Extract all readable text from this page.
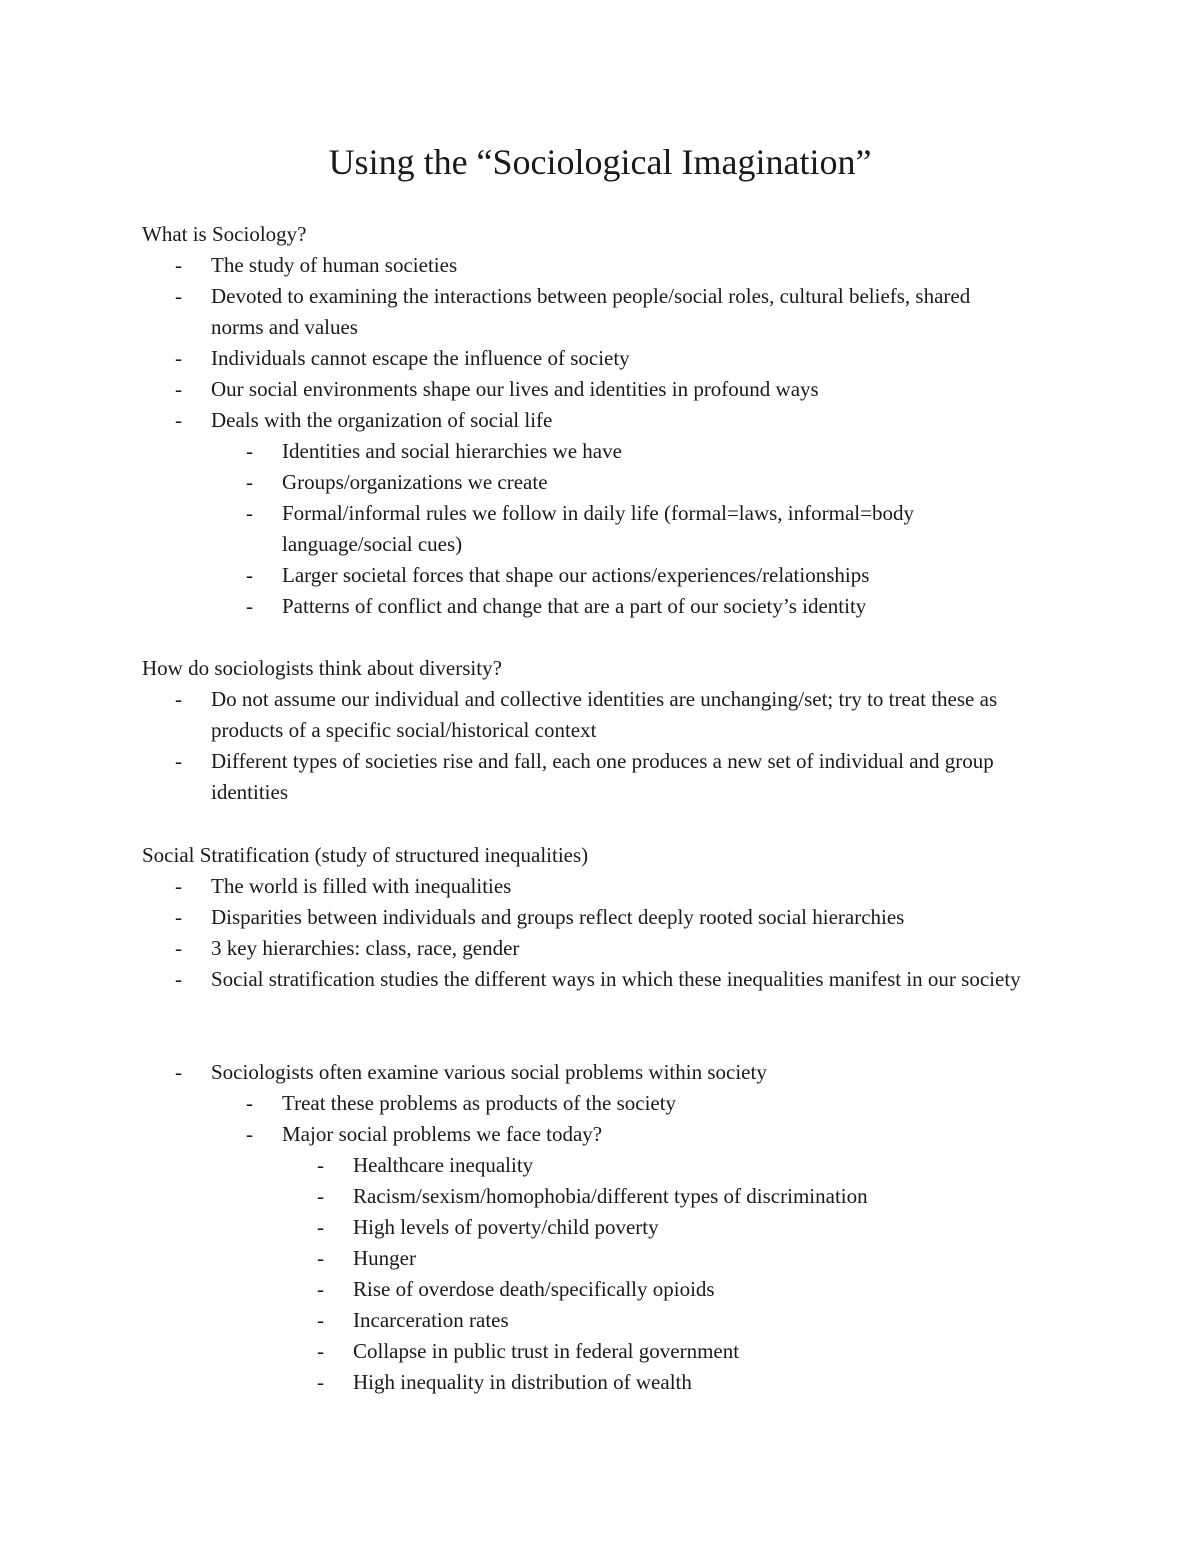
Using the “Sociological Imagination”

What is Sociology?

- The study of human societies
- Devoted to examining the interactions between people/social roles, cultural beliefs, shared norms and values
- Individuals cannot escape the influence of society
- Our social environments shape our lives and identities in profound ways
- Deals with the organization of social life
- Identities and social hierarchies we have
- Groups/organizations we create
- Formal/informal rules we follow in daily life (formal=laws, informal=body language/social cues)
- Larger societal forces that shape our actions/experiences/relationships
- Patterns of conflict and change that are a part of our society’s identity

How do sociologists think about diversity?

- Do not assume our individual and collective identities are unchanging/set; try to treat these as products of a specific social/historical context
- Different types of societies rise and fall, each one produces a new set of individual and group identities

Social Stratification (study of structured inequalities)

- The world is filled with inequalities
- Disparities between individuals and groups reflect deeply rooted social hierarchies
- 3 key hierarchies: class, race, gender
- Social stratification studies the different ways in which these inequalities manifest in our society
- Sociologists often examine various social problems within society
- Treat these problems as products of the society
- Major social problems we face today?
- Healthcare inequality
- Racism/sexism/homophobia/different types of discrimination
- High levels of poverty/child poverty
- Hunger
- Rise of overdose death/specifically opioids
- Incarceration rates
- Collapse in public trust in federal government
- High inequality in distribution of wealth
